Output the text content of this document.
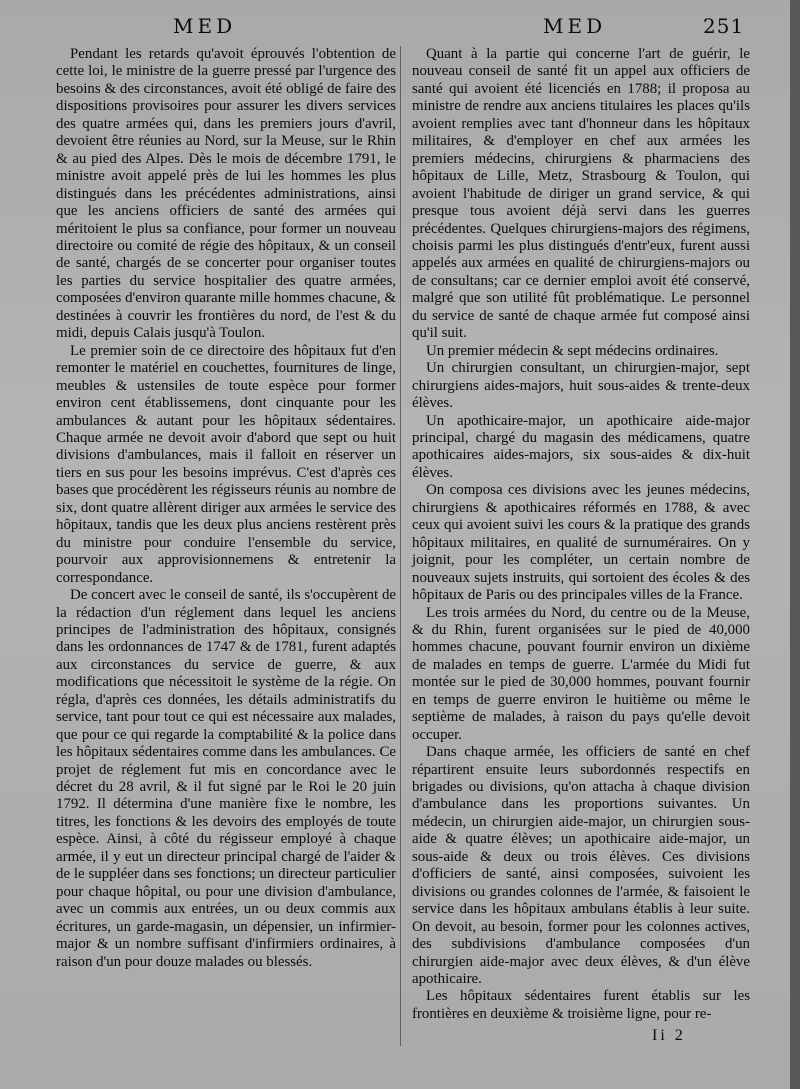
MED	MED	251

Pendant les retards qu'avoit éprouvés l'obtention de cette loi, le ministre de la guerre pressé par l'urgence des besoins & des circonstances, avoit été obligé de faire des dispositions provisoires pour assurer les divers services des quatre armées qui, dans les premiers jours d'avril, devoient être réunies au Nord, sur la Meuse, sur le Rhin & au pied des Alpes. Dès le mois de décembre 1791, le ministre avoit appelé près de lui les hommes les plus distingués dans les précédentes administrations, ainsi que les anciens officiers de santé des armées qui méritoient le plus sa confiance, pour former un nouveau directoire ou comité de régie des hôpitaux, & un conseil de santé, chargés de se concerter pour organiser toutes les parties du service hospitalier des quatre armées, composées d'environ quarante mille hommes chacune, & destinées à couvrir les frontières du nord, de l'est & du midi, depuis Calais jusqu'à Toulon.

Le premier soin de ce directoire des hôpitaux fut d'en remonter le matériel en couchettes, fournitures de linge, meubles & ustensiles de toute espèce pour former environ cent établissemens, dont cinquante pour les ambulances & autant pour les hôpitaux sédentaires. Chaque armée ne devoit avoir d'abord que sept ou huit divisions d'ambulances, mais il falloit en réserver un tiers en sus pour les besoins imprévus. C'est d'après ces bases que procédèrent les régisseurs réunis au nombre de six, dont quatre allèrent diriger aux armées le service des hôpitaux, tandis que les deux plus anciens restèrent près du ministre pour conduire l'ensemble du service, pourvoir aux approvisionnemens & entretenir la correspondance.

De concert avec le conseil de santé, ils s'occupèrent de la rédaction d'un réglement dans lequel les anciens principes de l'administration des hôpitaux, consignés dans les ordonnances de 1747 & de 1781, furent adaptés aux circonstances du service de guerre, & aux modifications que nécessitoit le système de la régie. On régla, d'après ces données, les détails administratifs du service, tant pour tout ce qui est nécessaire aux malades, que pour ce qui regarde la comptabilité & la police dans les hôpitaux sédentaires comme dans les ambulances. Ce projet de réglement fut mis en concordance avec le décret du 28 avril, & il fut signé par le Roi le 20 juin 1792. Il détermina d'une manière fixe le nombre, les titres, les fonctions & les devoirs des employés de toute espèce. Ainsi, à côté du régisseur employé à chaque armée, il y eut un directeur principal chargé de l'aider & de le suppléer dans ses fonctions; un directeur particulier pour chaque hôpital, ou pour une division d'ambulance, avec un commis aux entrées, un ou deux commis aux écritures, un garde-magasin, un dépensier, un infirmier-major & un nombre suffisant d'infirmiers ordinaires, à raison d'un pour douze malades ou blessés.

Quant à la partie qui concerne l'art de guérir, le nouveau conseil de santé fit un appel aux officiers de santé qui avoient été licenciés en 1788; il proposa au ministre de rendre aux anciens titulaires les places qu'ils avoient remplies avec tant d'honneur dans les hôpitaux militaires, & d'employer en chef aux armées les premiers médecins, chirurgiens & pharmaciens des hôpitaux de Lille, Metz, Strasbourg & Toulon, qui avoient l'habitude de diriger un grand service, & qui presque tous avoient déjà servi dans les guerres précédentes. Quelques chirurgiens-majors des régimens, choisis parmi les plus distingués d'entr'eux, furent aussi appelés aux armées en qualité de chirurgiens-majors ou de consultans; car ce dernier emploi avoit été conservé, malgré que son utilité fût problématique. Le personnel du service de santé de chaque armée fut composé ainsi qu'il suit.

Un premier médecin & sept médecins ordinaires.

Un chirurgien consultant, un chirurgien-major, sept chirurgiens aides-majors, huit sous-aides & trente-deux élèves.

Un apothicaire-major, un apothicaire aide-major principal, chargé du magasin des médicamens, quatre apothicaires aides-majors, six sous-aides & dix-huit élèves.

On composa ces divisions avec les jeunes médecins, chirurgiens & apothicaires réformés en 1788, & avec ceux qui avoient suivi les cours & la pratique des grands hôpitaux militaires, en qualité de surnuméraires. On y joignit, pour les compléter, un certain nombre de nouveaux sujets instruits, qui sortoient des écoles & des hôpitaux de Paris ou des principales villes de la France.

Les trois armées du Nord, du centre ou de la Meuse, & du Rhin, furent organisées sur le pied de 40,000 hommes chacune, pouvant fournir environ un dixième de malades en temps de guerre. L'armée du Midi fut montée sur le pied de 30,000 hommes, pouvant fournir en temps de guerre environ le huitième ou même le septième de malades, à raison du pays qu'elle devoit occuper.

Dans chaque armée, les officiers de santé en chef répartirent ensuite leurs subordonnés respectifs en brigades ou divisions, qu'on attacha à chaque division d'ambulance dans les proportions suivantes. Un médecin, un chirurgien aide-major, un chirurgien sous-aide & quatre élèves; un apothicaire aide-major, un sous-aide & deux ou trois élèves. Ces divisions d'officiers de santé, ainsi composées, suivoient les divisions ou grandes colonnes de l'armée, & faisoient le service dans les hôpitaux ambulans établis à leur suite. On devoit, au besoin, former pour les colonnes actives, des subdivisions d'ambulance composées d'un chirurgien aide-major avec deux élèves, & d'un élève apothicaire.

Les hôpitaux sédentaires furent établis sur les frontières en deuxième & troisième ligne, pour re-

Ii 2
